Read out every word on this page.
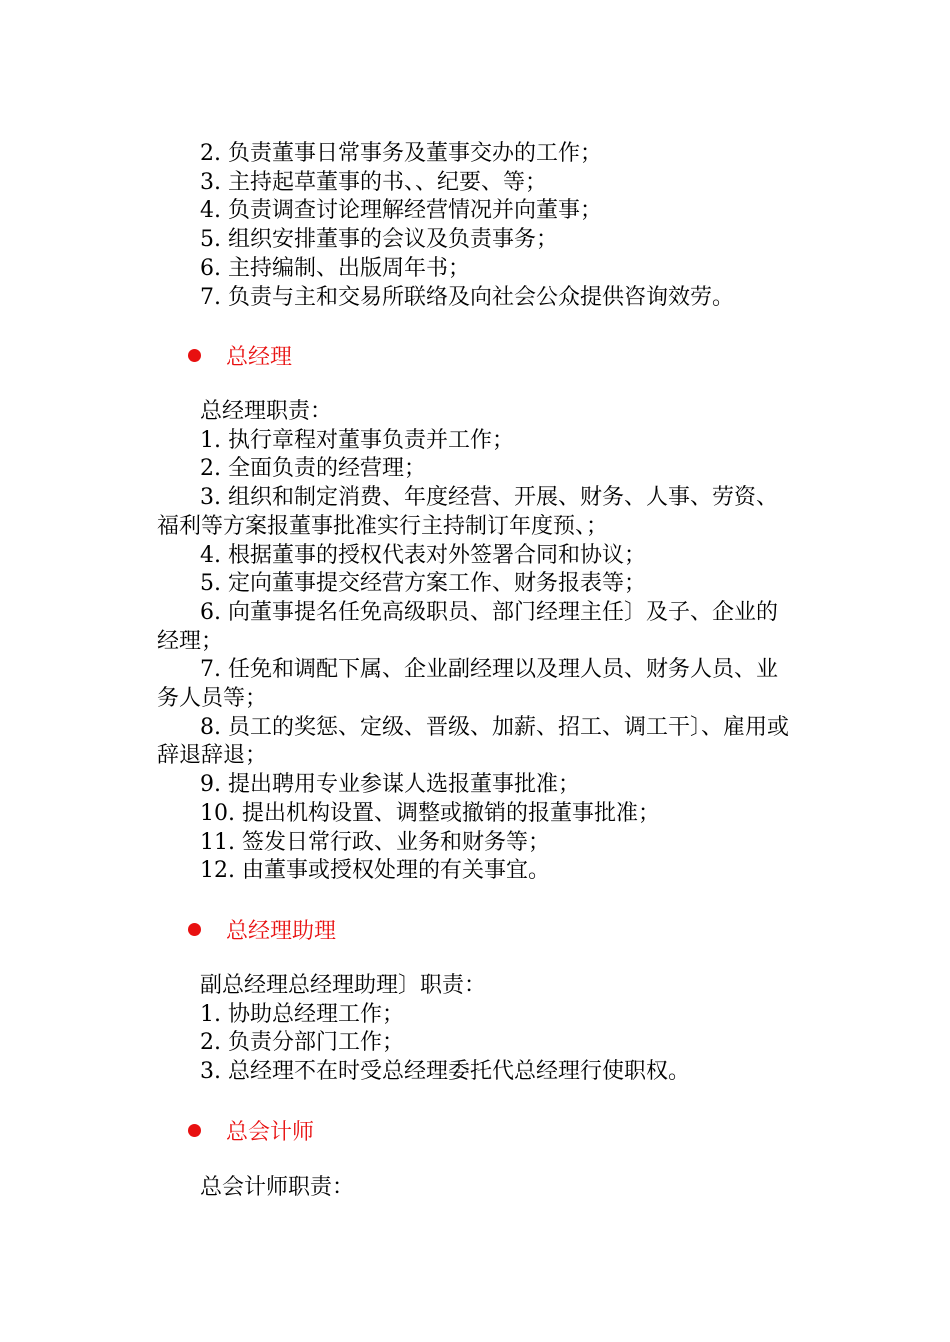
2. 负责董事日常事务及董事交办的工作；
3. 主持起草董事的书、、纪要、等；
4. 负责调查讨论理解经营情况并向董事；
5. 组织安排董事的会议及负责事务；
6. 主持编制、出版周年书；
7. 负责与主和交易所联络及向社会公众提供咨询效劳。
总经理
总经理职责：
1. 执行章程对董事负责并工作；
2. 全面负责的经营理；
3. 组织和制定消费、年度经营、开展、财务、人事、劳资、福利等方案报董事批准实行主持制订年度预、；
4. 根据董事的授权代表对外签署合同和协议；
5. 定向董事提交经营方案工作、财务报表等；
6. 向董事提名任免高级职员、部门经理主任〕及子、企业的经理；
7. 任免和调配下属、企业副经理以及理人员、财务人员、业务人员等；
8. 员工的奖惩、定级、晋级、加薪、招工、调工干〕、雇用或辞退辞退；
9. 提出聘用专业参谋人选报董事批准；
10. 提出机构设置、调整或撤销的报董事批准；
11. 签发日常行政、业务和财务等；
12. 由董事或授权处理的有关事宜。
总经理助理
副总经理总经理助理〕职责：
1. 协助总经理工作；
2. 负责分部门工作；
3. 总经理不在时受总经理委托代总经理行使职权。
总会计师
总会计师职责：
